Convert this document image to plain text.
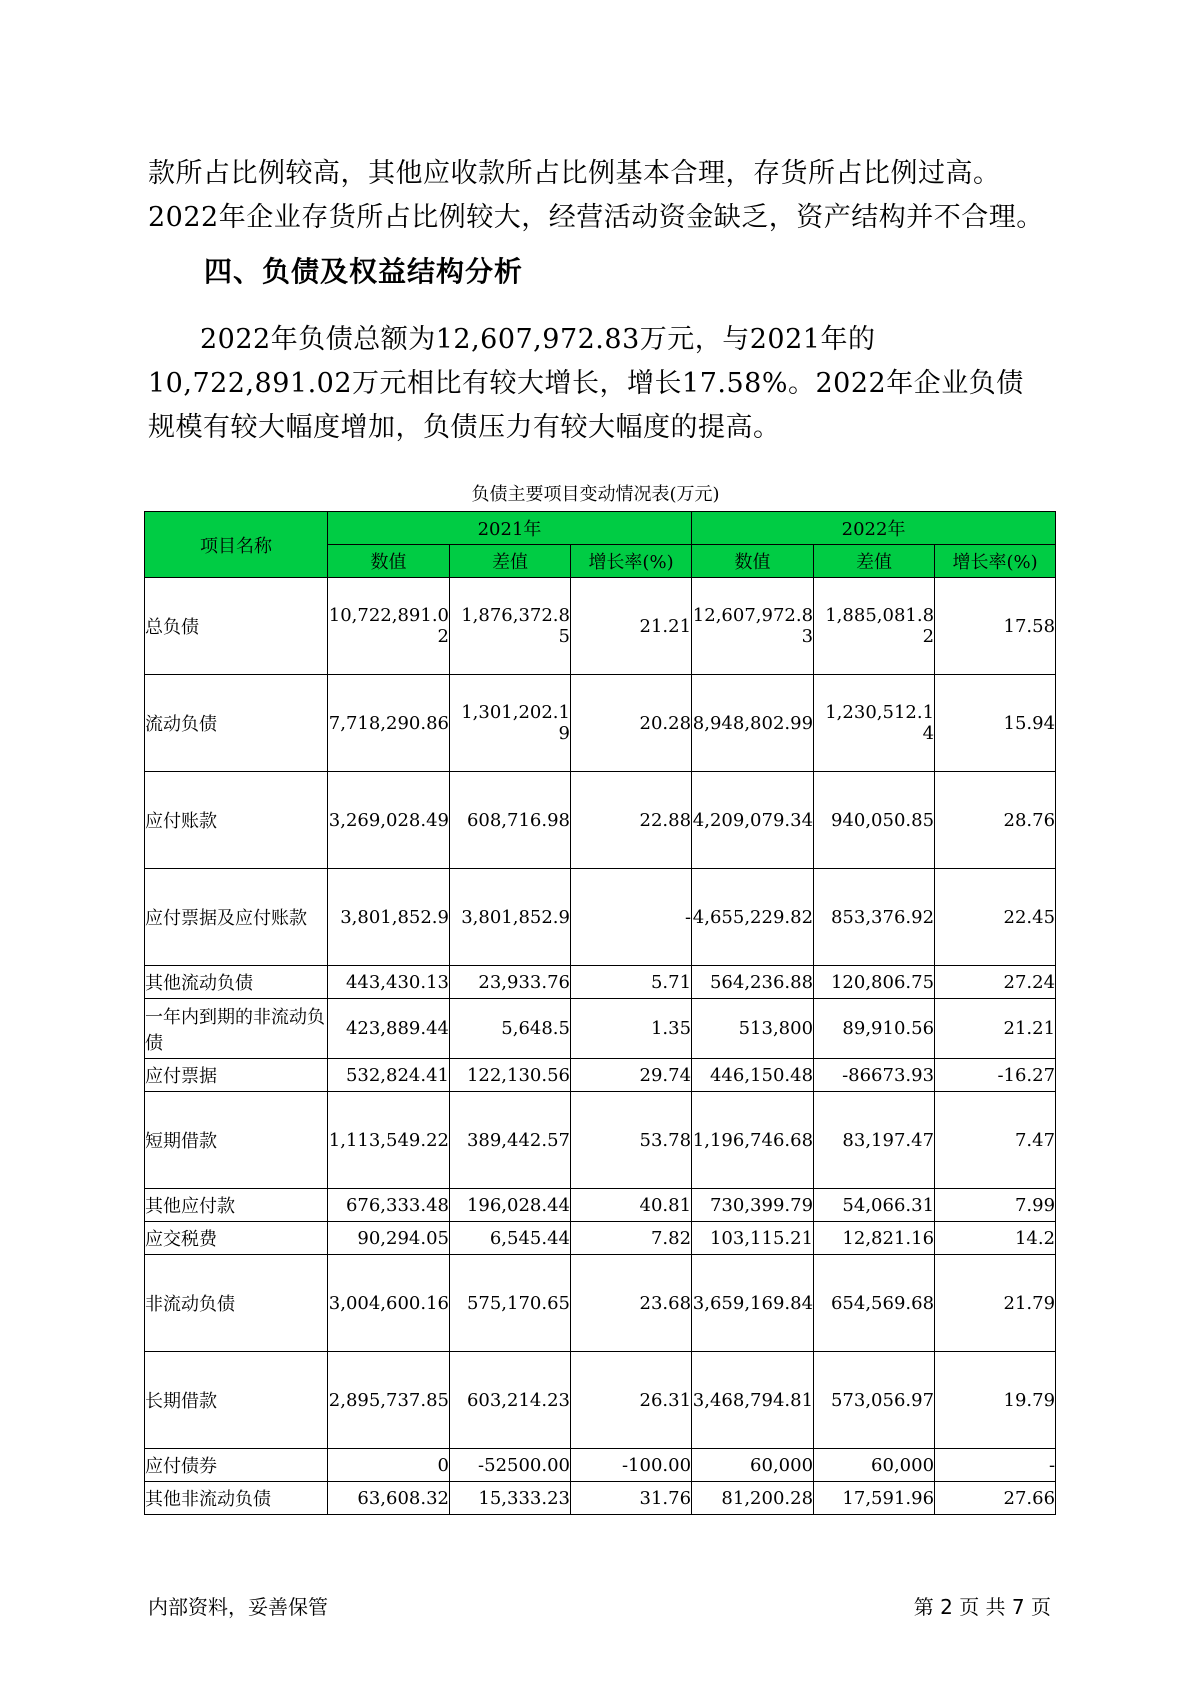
款所占比例较高，其他应收款所占比例基本合理，存货所占比例过高。2022年企业存货所占比例较大，经营活动资金缺乏，资产结构并不合理。

四、负债及权益结构分析

2022年负债总额为12,607,972.83万元，与2021年的10,722,891.02万元相比有较大增长，增长17.58%。2022年企业负债规模有较大幅度增加，负债压力有较大幅度的提高。

负债主要项目变动情况表(万元)
项目名称	2021年			2022年		
	数值	差值	增长率(%)	数值	差值	增长率(%)
总负债	10,722,891.02	1,876,372.85	21.21	12,607,972.83	1,885,081.82	17.58
流动负债	7,718,290.86	1,301,202.19	20.28	8,948,802.99	1,230,512.14	15.94
应付账款	3,269,028.49	608,716.98	22.88	4,209,079.34	940,050.85	28.76
应付票据及应付账款	3,801,852.9	3,801,852.9	-	4,655,229.82	853,376.92	22.45
其他流动负债	443,430.13	23,933.76	5.71	564,236.88	120,806.75	27.24
一年内到期的非流动负债	423,889.44	5,648.5	1.35	513,800	89,910.56	21.21
应付票据	532,824.41	122,130.56	29.74	446,150.48	-86673.93	-16.27
短期借款	1,113,549.22	389,442.57	53.78	1,196,746.68	83,197.47	7.47
其他应付款	676,333.48	196,028.44	40.81	730,399.79	54,066.31	7.99
应交税费	90,294.05	6,545.44	7.82	103,115.21	12,821.16	14.2
非流动负债	3,004,600.16	575,170.65	23.68	3,659,169.84	654,569.68	21.79
长期借款	2,895,737.85	603,214.23	26.31	3,468,794.81	573,056.97	19.79
应付债券	0	-52500.00	-100.00	60,000	60,000	-
其他非流动负债	63,608.32	15,333.23	31.76	81,200.28	17,591.96	27.66
内部资料，妥善保管	第 2 页 共 7 页
